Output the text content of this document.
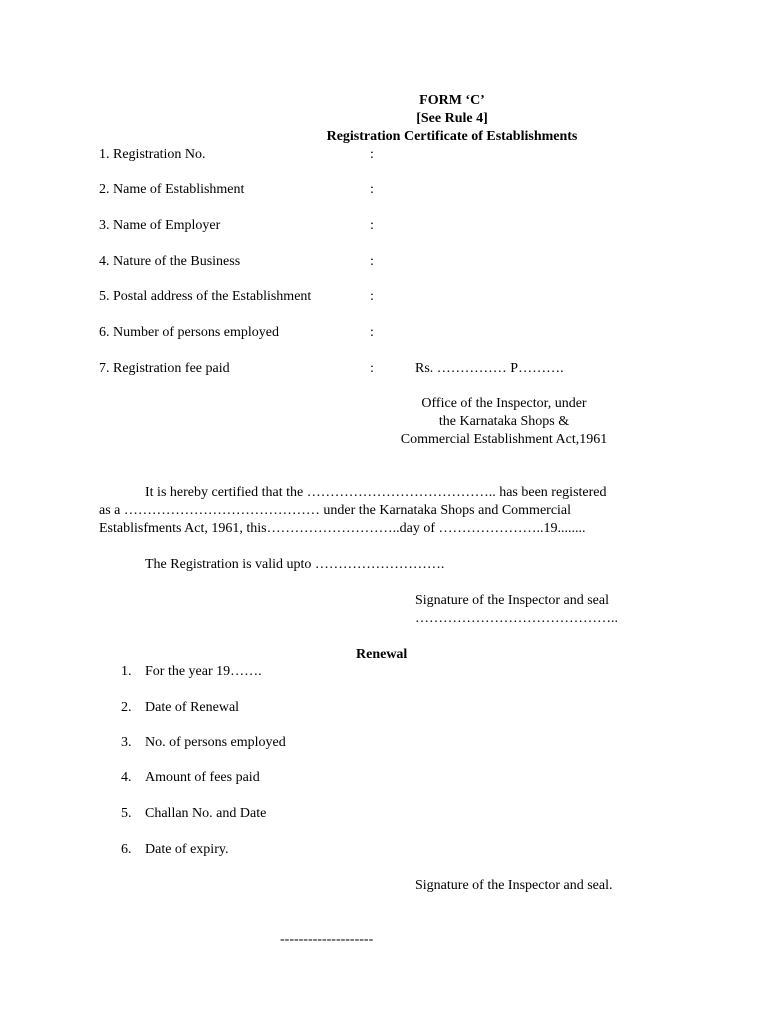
FORM ‘C’
[See Rule 4]
Registration Certificate of Establishments
1. Registration No.	:
2. Name of Establishment	:
3. Name of Employer	:
4. Nature of the Business	:
5. Postal address of the Establishment	:
6. Number of persons employed	:
7. Registration fee paid	:	Rs. …………… P……….
Office of the Inspector, under
the Karnataka Shops &
Commercial Establishment Act,1961
It is hereby certified that the ………………………………….. has been registered
as a …………………………………… under the Karnataka Shops and Commercial
Establisfments Act, 1961, this………………………..day of …………………..19........
The Registration is valid upto ……………………….
Signature of the Inspector and seal
……………………………………..
Renewal
1. For the year 19…….
2. Date of Renewal
3. No. of persons employed
4. Amount of fees paid
5. Challan No. and Date
6. Date of expiry.
Signature of the Inspector and seal.
--------------------
